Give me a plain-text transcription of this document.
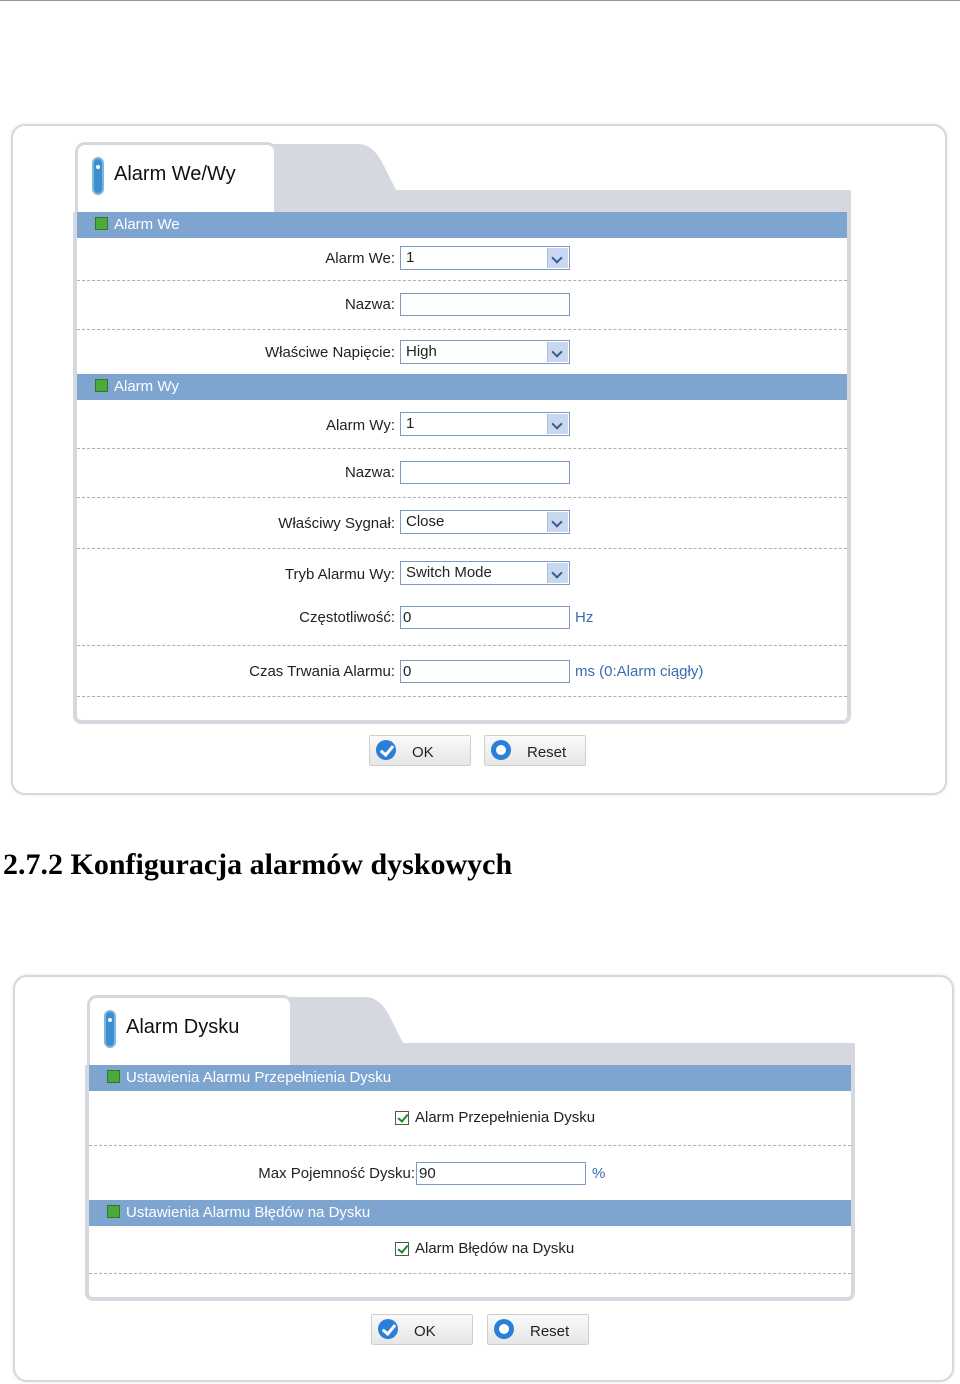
Alarm We/Wy
Alarm We
Alarm We: 1
Nazwa:
Właściwe Napięcie: High
Alarm Wy
Alarm Wy: 1
Nazwa:
Właściwy Sygnał: Close
Tryb Alarmu Wy: Switch Mode
Częstotliwość: 0	Hz
Czas Trwania Alarmu: 0	ms (0:Alarm ciągły)
OK	Reset
2.7.2 Konfiguracja alarmów dyskowych
Alarm Dysku
Ustawienia Alarmu Przepełnienia Dysku
Alarm Przepełnienia Dysku
Max Pojemność Dysku: 90	%
Ustawienia Alarmu Błędów na Dysku
Alarm Błędów na Dysku
OK	Reset
